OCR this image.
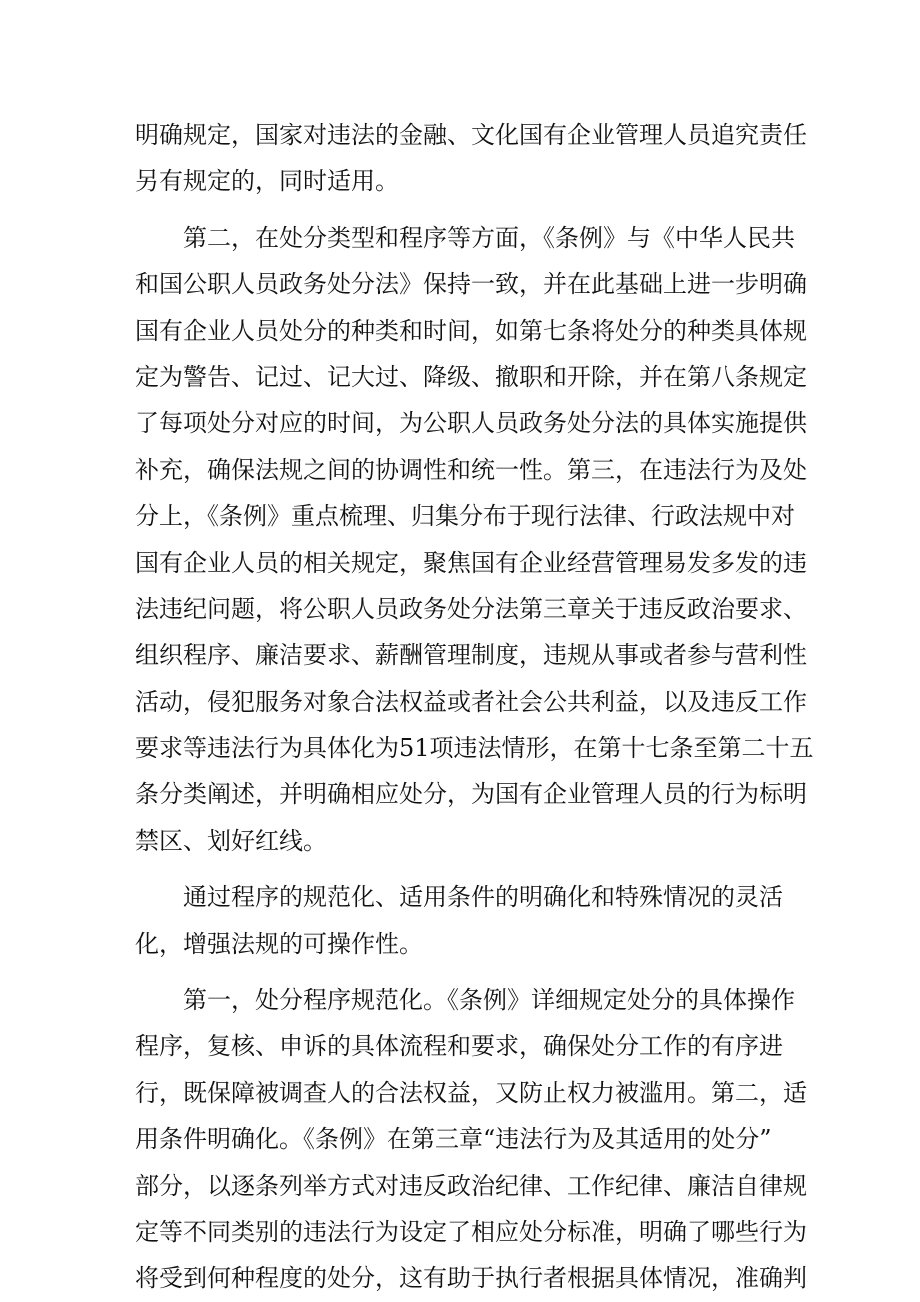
明确规定，国家对违法的金融、文化国有企业管理人员追究责任
另有规定的，同时适用。
第二，在处分类型和程序等方面，《条例》与《中华人民共
和国公职人员政务处分法》保持一致，并在此基础上进一步明确
国有企业人员处分的种类和时间，如第七条将处分的种类具体规
定为警告、记过、记大过、降级、撤职和开除，并在第八条规定
了每项处分对应的时间，为公职人员政务处分法的具体实施提供
补充，确保法规之间的协调性和统一性。第三，在违法行为及处
分上，《条例》重点梳理、归集分布于现行法律、行政法规中对
国有企业人员的相关规定，聚焦国有企业经营管理易发多发的违
法违纪问题，将公职人员政务处分法第三章关于违反政治要求、
组织程序、廉洁要求、薪酬管理制度，违规从事或者参与营利性
活动，侵犯服务对象合法权益或者社会公共利益，以及违反工作
要求等违法行为具体化为51项违法情形，在第十七条至第二十五
条分类阐述，并明确相应处分，为国有企业管理人员的行为标明
禁区、划好红线。
通过程序的规范化、适用条件的明确化和特殊情况的灵活
化，增强法规的可操作性。
第一，处分程序规范化。《条例》详细规定处分的具体操作
程序，复核、申诉的具体流程和要求，确保处分工作的有序进
行，既保障被调查人的合法权益，又防止权力被滥用。第二，适
用条件明确化。《条例》在第三章“违法行为及其适用的处分”
部分，以逐条列举方式对违反政治纪律、工作纪律、廉洁自律规
定等不同类别的违法行为设定了相应处分标准，明确了哪些行为
将受到何种程度的处分，这有助于执行者根据具体情况，准确判
